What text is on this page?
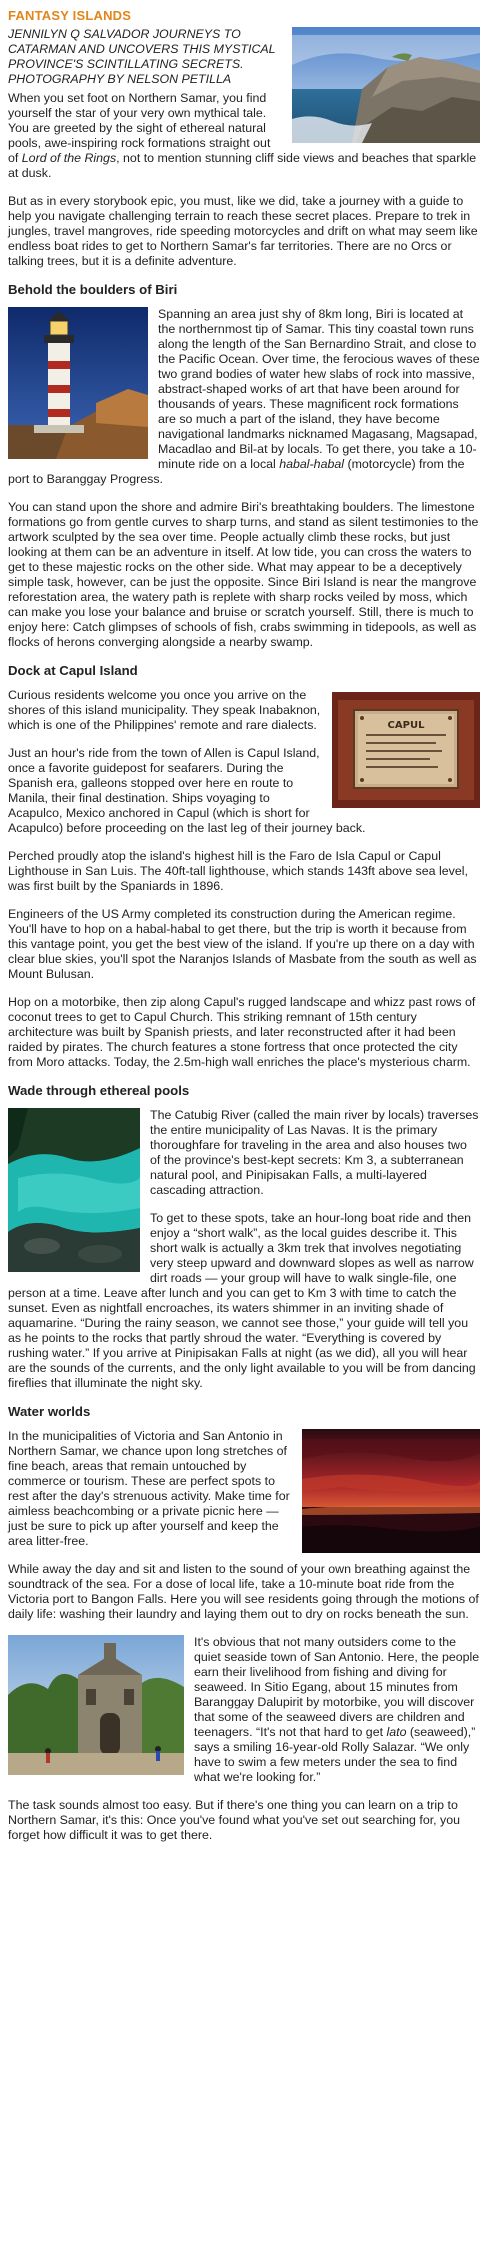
FANTASY ISLANDS
JENNILYN Q SALVADOR JOURNEYS TO CATARMAN AND UNCOVERS THIS MYSTICAL PROVINCE'S SCINTILLATING SECRETS. PHOTOGRAPHY BY NELSON PETILLA

When you set foot on Northern Samar, you find yourself the star of your very own mythical tale. You are greeted by the sight of ethereal natural pools, awe-inspiring rock formations straight out of Lord of the Rings, not to mention stunning cliff side views and beaches that sparkle at dusk.

But as in every storybook epic, you must, like we did, take a journey with a guide to help you navigate challenging terrain to reach these secret places. Prepare to trek in jungles, travel mangroves, ride speeding motorcycles and drift on what may seem like endless boat rides to get to Northern Samar's far territories. There are no Orcs or talking trees, but it is a definite adventure.

Behold the boulders of Biri

Spanning an area just shy of 8km long, Biri is located at the northernmost tip of Samar. This tiny coastal town runs along the length of the San Bernardino Strait, and close to the Pacific Ocean. Over time, the ferocious waves of these two grand bodies of water hew slabs of rock into massive, abstract-shaped works of art that have been around for thousands of years. These magnificent rock formations are so much a part of the island, they have become navigational landmarks nicknamed Magasang, Magsapad, Macadlao and Bil-at by locals. To get there, you take a 10-minute ride on a local habal-habal (motorcycle) from the port to Baranggay Progress.

You can stand upon the shore and admire Biri's breathtaking boulders. The limestone formations go from gentle curves to sharp turns, and stand as silent testimonies to the artwork sculpted by the sea over time. People actually climb these rocks, but just looking at them can be an adventure in itself. At low tide, you can cross the waters to get to these majestic rocks on the other side. What may appear to be a deceptively simple task, however, can be just the opposite. Since Biri Island is near the mangrove reforestation area, the watery path is replete with sharp rocks veiled by moss, which can make you lose your balance and bruise or scratch yourself. Still, there is much to enjoy here: Catch glimpses of schools of fish, crabs swimming in tidepools, as well as flocks of herons converging alongside a nearby swamp.

Dock at Capul Island
CAPUL

Curious residents welcome you once you arrive on the shores of this island municipality. They speak Inabaknon, which is one of the Philippines' remote and rare dialects.

Just an hour's ride from the town of Allen is Capul Island, once a favorite guidepost for seafarers. During the Spanish era, galleons stopped over here en route to Manila, their final destination. Ships voyaging to Acapulco, Mexico anchored in Capul (which is short for Acapulco) before proceeding on the last leg of their journey back.

Perched proudly atop the island's highest hill is the Faro de Isla Capul or Capul Lighthouse in San Luis. The 40ft-tall lighthouse, which stands 143ft above sea level, was first built by the Spaniards in 1896.

Engineers of the US Army completed its construction during the American regime. You'll have to hop on a habal-habal to get there, but the trip is worth it because from this vantage point, you get the best view of the island. If you're up there on a day with clear blue skies, you'll spot the Naranjos Islands of Masbate from the south as well as Mount Bulusan.

Hop on a motorbike, then zip along Capul's rugged landscape and whizz past rows of coconut trees to get to Capul Church. This striking remnant of 15th century architecture was built by Spanish priests, and later reconstructed after it had been raided by pirates. The church features a stone fortress that once protected the city from Moro attacks. Today, the 2.5m-high wall enriches the place's mysterious charm.

Wade through ethereal pools

The Catubig River (called the main river by locals) traverses the entire municipality of Las Navas. It is the primary thoroughfare for traveling in the area and also houses two of the province's best-kept secrets: Km 3, a subterranean natural pool, and Pinipisakan Falls, a multi-layered cascading attraction.

To get to these spots, take an hour-long boat ride and then enjoy a “short walk”, as the local guides describe it. This short walk is actually a 3km trek that involves negotiating very steep upward and downward slopes as well as narrow dirt roads — your group will have to walk single-file, one person at a time. Leave after lunch and you can get to Km 3 with time to catch the sunset. Even as nightfall encroaches, its waters shimmer in an inviting shade of aquamarine. “During the rainy season, we cannot see those,” your guide will tell you as he points to the rocks that partly shroud the water. “Everything is covered by rushing water.” If you arrive at Pinipisakan Falls at night (as we did), all you will hear are the sounds of the currents, and the only light available to you will be from dancing fireflies that illuminate the night sky.

Water worlds

In the municipalities of Victoria and San Antonio in Northern Samar, we chance upon long stretches of fine beach, areas that remain untouched by commerce or tourism. These are perfect spots to rest after the day's strenuous activity. Make time for aimless beachcombing or a private picnic here — just be sure to pick up after yourself and keep the area litter-free.

While away the day and sit and listen to the sound of your own breathing against the soundtrack of the sea. For a dose of local life, take a 10-minute boat ride from the Victoria port to Bangon Falls. Here you will see residents going through the motions of daily life: washing their laundry and laying them out to dry on rocks beneath the sun.

It's obvious that not many outsiders come to the quiet seaside town of San Antonio. Here, the people earn their livelihood from fishing and diving for seaweed. In Sitio Egang, about 15 minutes from Baranggay Dalupirit by motorbike, you will discover that some of the seaweed divers are children and teenagers. “It's not that hard to get lato (seaweed),” says a smiling 16-year-old Rolly Salazar. “We only have to swim a few meters under the sea to find what we're looking for.”

The task sounds almost too easy. But if there's one thing you can learn on a trip to Northern Samar, it's this: Once you've found what you've set out searching for, you forget how difficult it was to get there.
